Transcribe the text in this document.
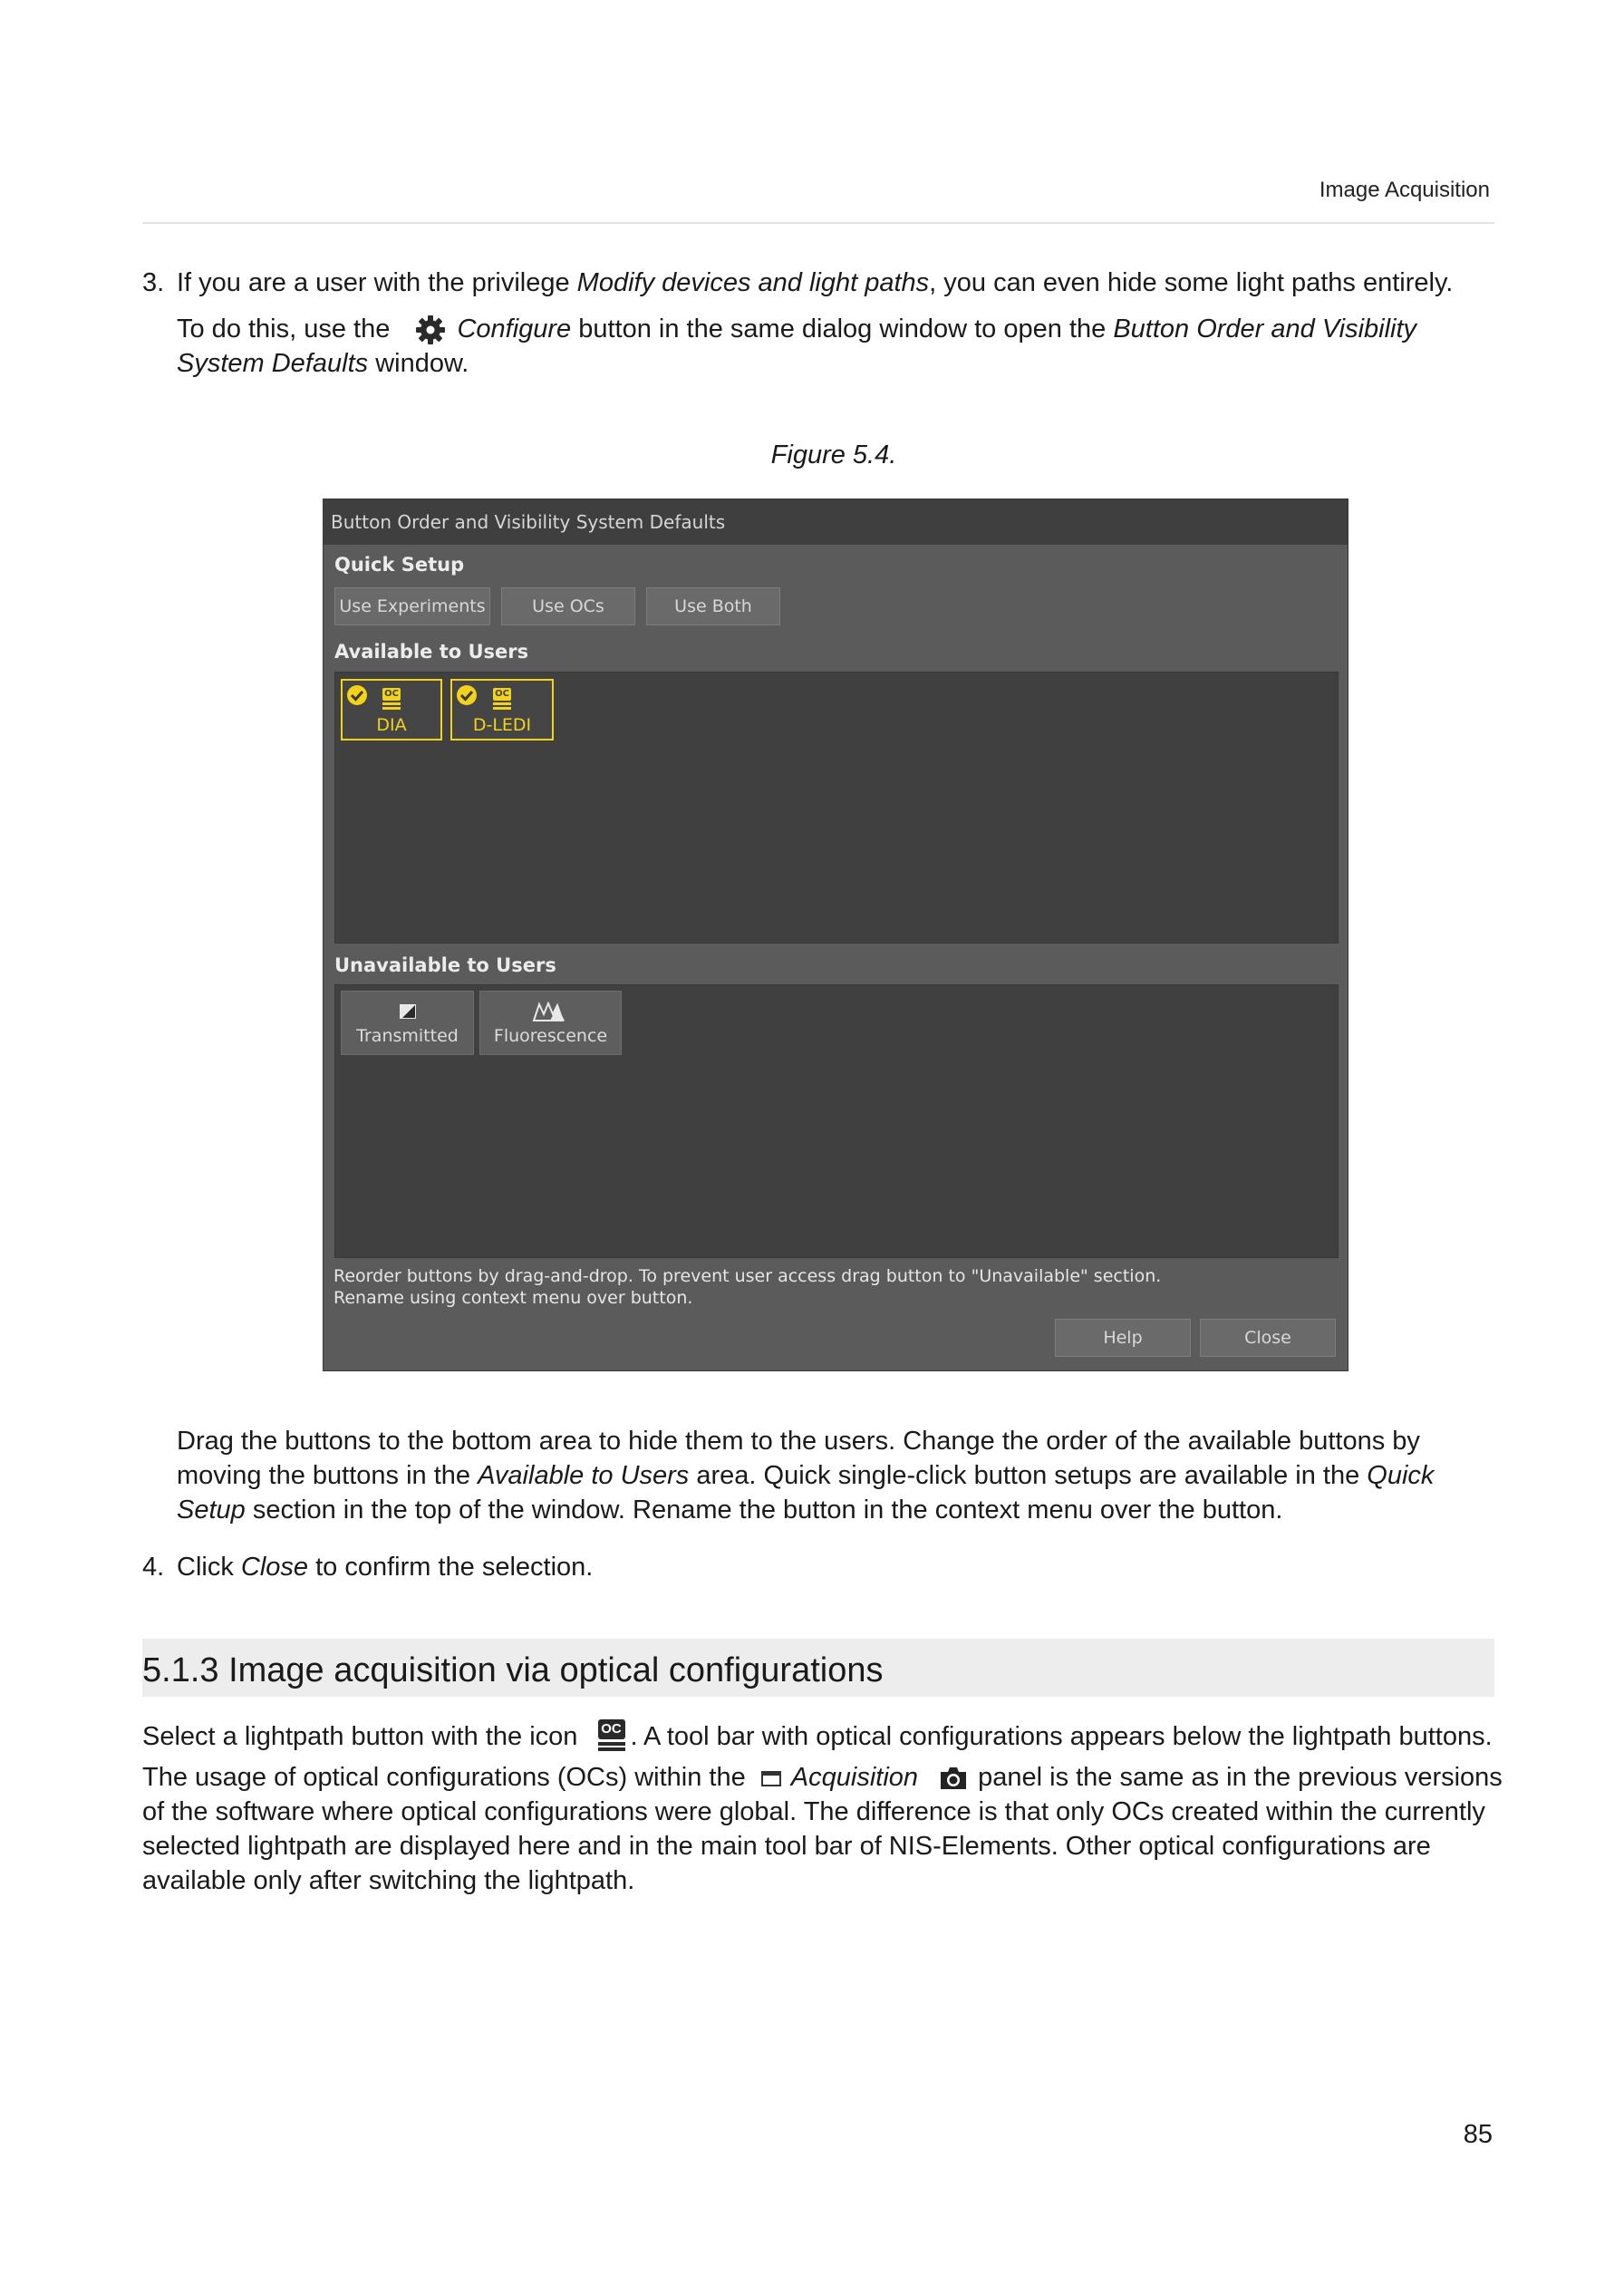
Image Acquisition
3. If you are a user with the privilege Modify devices and light paths, you can even hide some light paths entirely.
To do this, use the	Configure button in the same dialog window to open the Button Order and Visibility
System Defaults window.
Figure 5.4.
Button Order and Visibility System Defaults
Quick Setup
Use Experiments	Use OCs	Use Both
Available to Users
OC
DIA
OC
D-LEDI
Unavailable to Users
Transmitted	Fluorescence
Reorder buttons by drag-and-drop. To prevent user access drag button to "Unavailable" section.
Rename using context menu over button.
Help	Close
Drag the buttons to the bottom area to hide them to the users. Change the order of the available buttons by
moving the buttons in the Available to Users area. Quick single-click button setups are available in the Quick
Setup section in the top of the window. Rename the button in the context menu over the button.
4. Click Close to confirm the selection.
5.1.3 Image acquisition via optical configurations
Select a lightpath button with the icon OC . A tool bar with optical configurations appears below the lightpath buttons.
The usage of optical configurations (OCs) within the Acquisition panel is the same as in the previous versions
of the software where optical configurations were global. The difference is that only OCs created within the currently
selected lightpath are displayed here and in the main tool bar of NIS-Elements. Other optical configurations are
available only after switching the lightpath.
85
